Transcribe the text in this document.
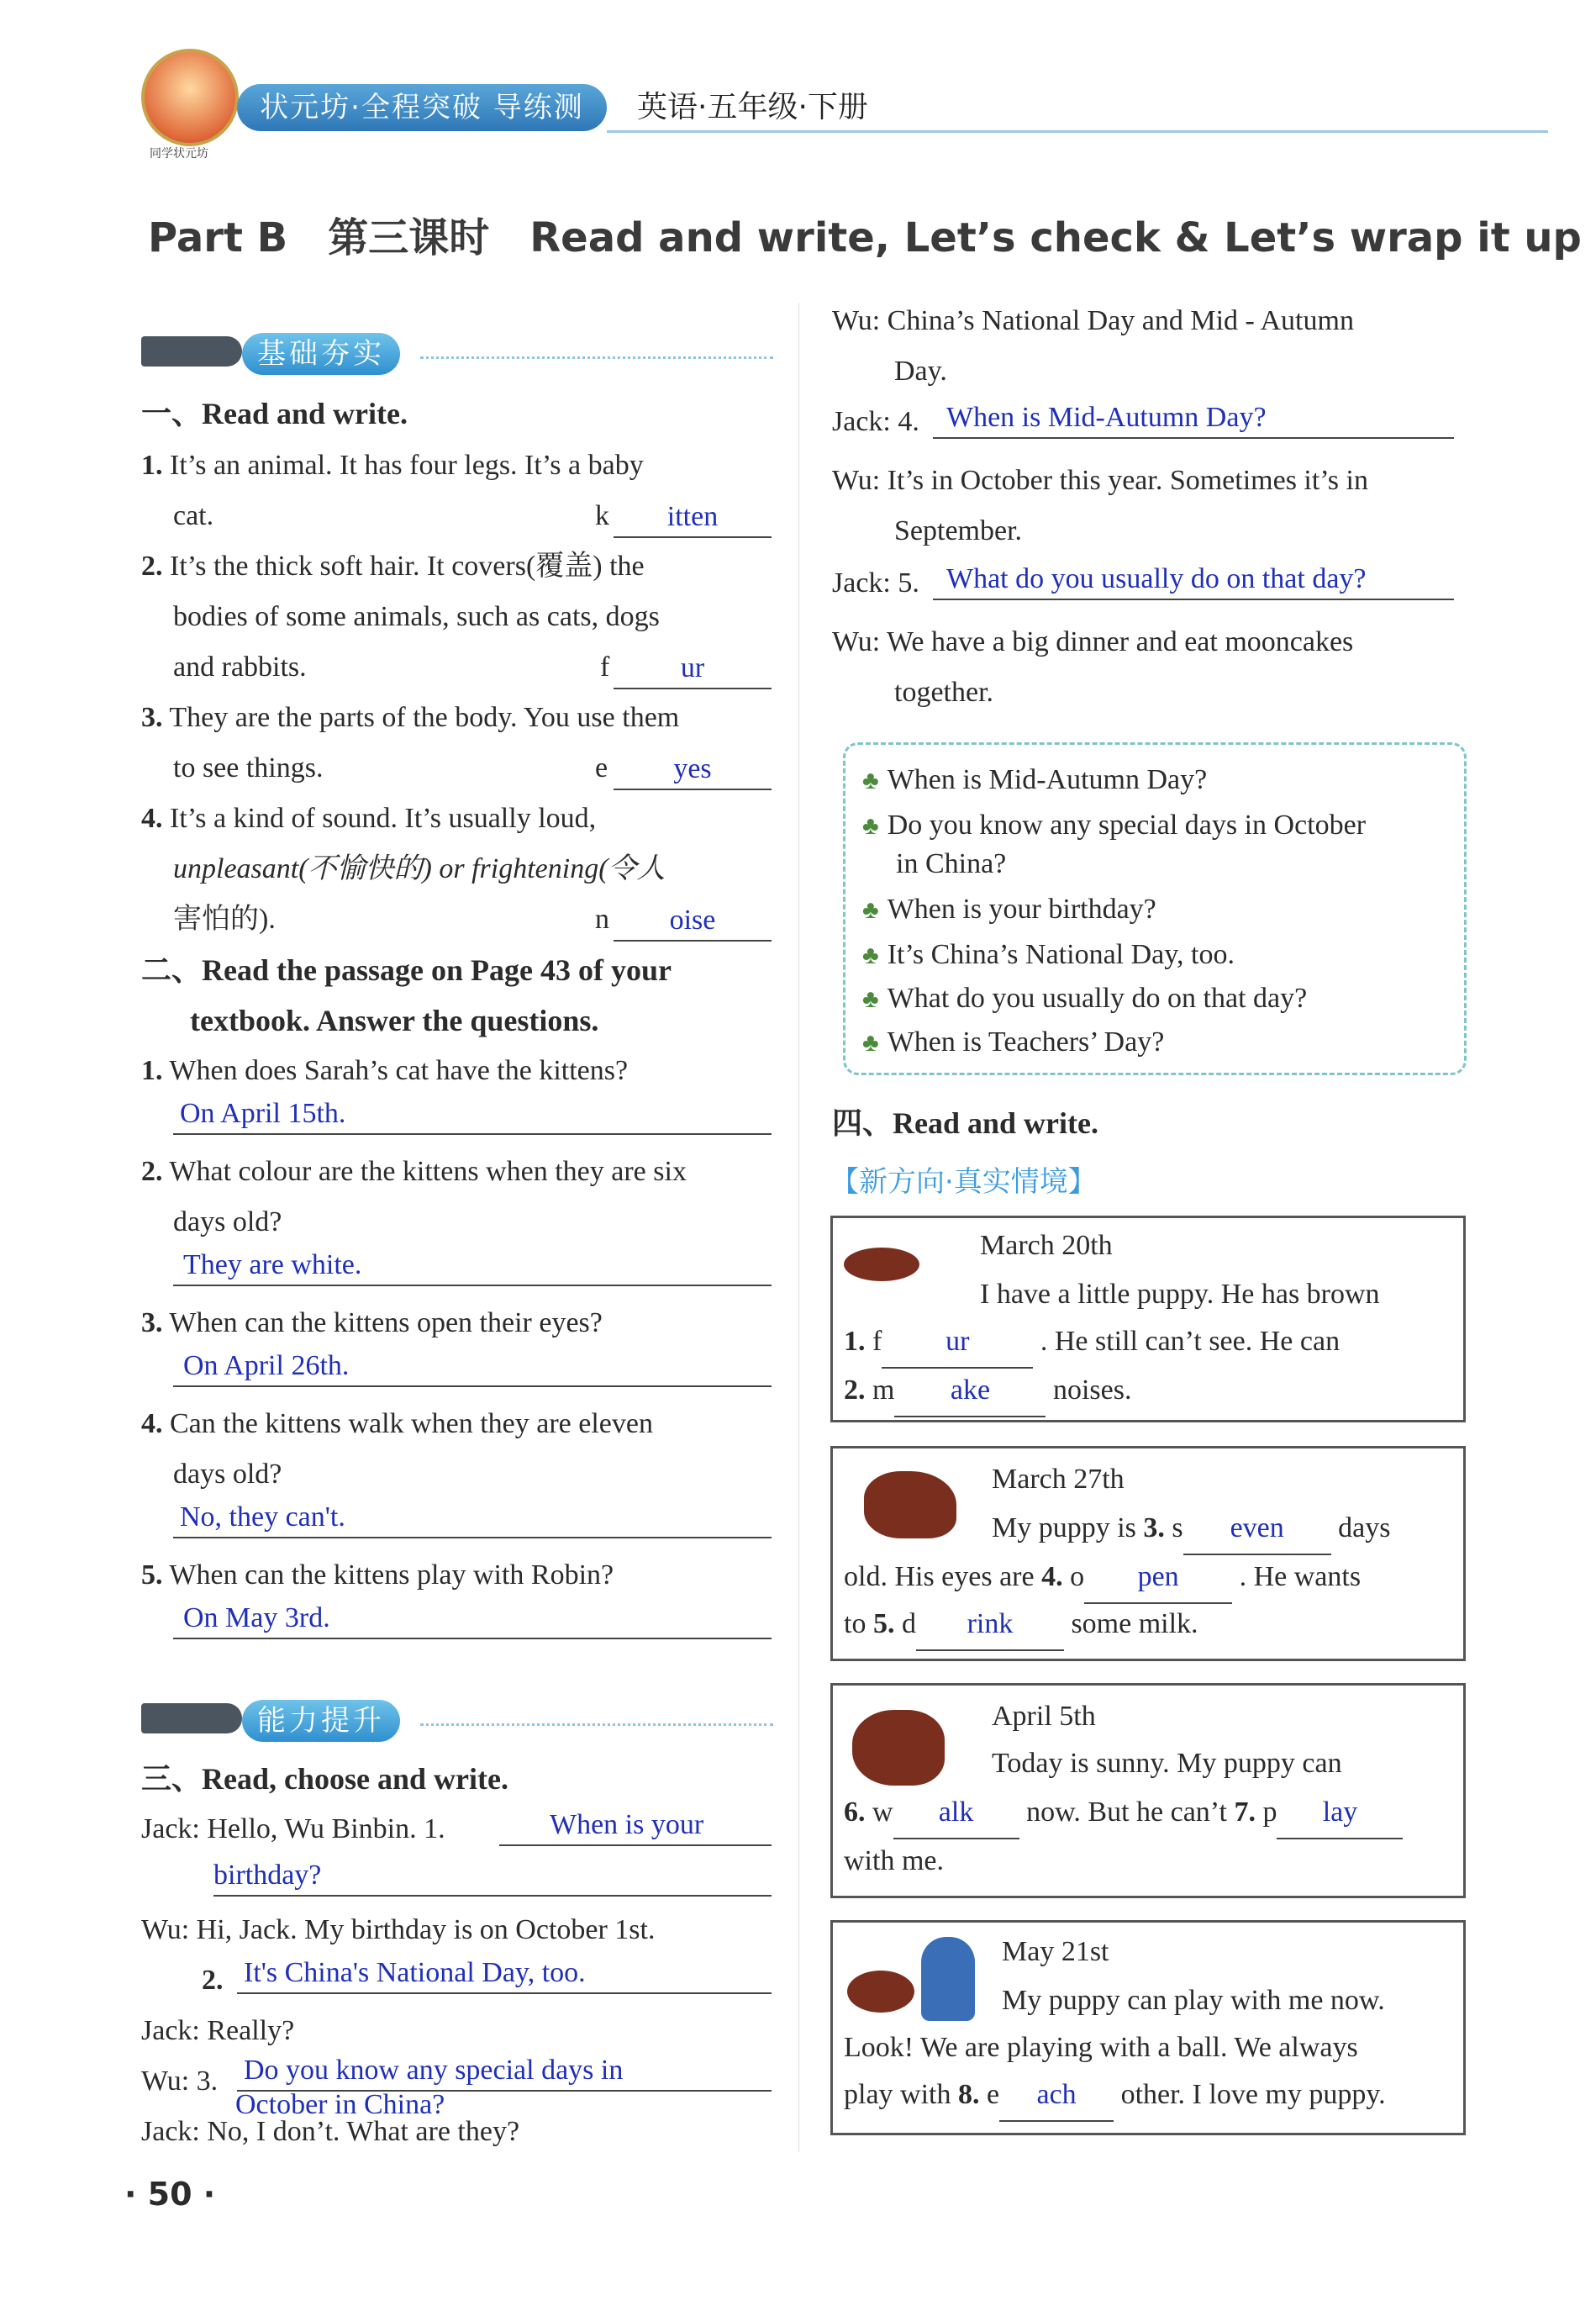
同学状元坊
状元坊·全程突破 导练测	英语·五年级·下册
Part B　第三课时　Read and write, Let’s check & Let’s wrap it up
基础夯实
一、Read and write.
1. It’s an animal. It has four legs. It’s a baby
cat.	k	itten
2. It’s the thick soft hair. It covers(覆盖) the
bodies of some animals, such as cats, dogs
and rabbits.	f	ur
3. They are the parts of the body. You use them
to see things.	e	yes
4. It’s a kind of sound. It’s usually loud,
unpleasant(不愉快的) or frightening(令人
害怕的).	n	oise
二、Read the passage on Page 43 of your
textbook. Answer the questions.
1. When does Sarah’s cat have the kittens?
On April 15th.
2. What colour are the kittens when they are six
days old?
They are white.
3. When can the kittens open their eyes?
On April 26th.
4. Can the kittens walk when they are eleven
days old?
No, they can't.
5. When can the kittens play with Robin?
On May 3rd.
能力提升
三、Read, choose and write.
Jack: Hello, Wu Binbin. 1.	When is your
birthday?
Wu: Hi, Jack. My birthday is on October 1st.
2. It's China's National Day, too.
Jack: Really?
Wu: 3. Do you know any special days in
October in China?
Jack: No, I don’t. What are they?
Wu: China’s National Day and Mid - Autumn
Day.
Jack: 4. When is Mid-Autumn Day?
Wu: It’s in October this year. Sometimes it’s in
September.
Jack: 5. What do you usually do on that day?
Wu: We have a big dinner and eat mooncakes
together.
♣ When is Mid-Autumn Day?
♣ Do you know any special days in October
in China?
♣ When is your birthday?
♣ It’s China’s National Day, too.
♣ What do you usually do on that day?
♣ When is Teachers’ Day?
四、Read and write.
【新方向·真实情境】
March 20th
I have a little puppy. He has brown
1. f ur . He still can’t see. He can
2. m ake noises.
March 27th
My puppy is 3. s even days
old. His eyes are 4. o pen . He wants
to 5. d rink some milk.
April 5th
Today is sunny. My puppy can
6. w alk now. But he can’t 7. p lay
with me.
May 21st
My puppy can play with me now.
Look! We are playing with a ball. We always
play with 8. e ach other. I love my puppy.
· 50 ·
